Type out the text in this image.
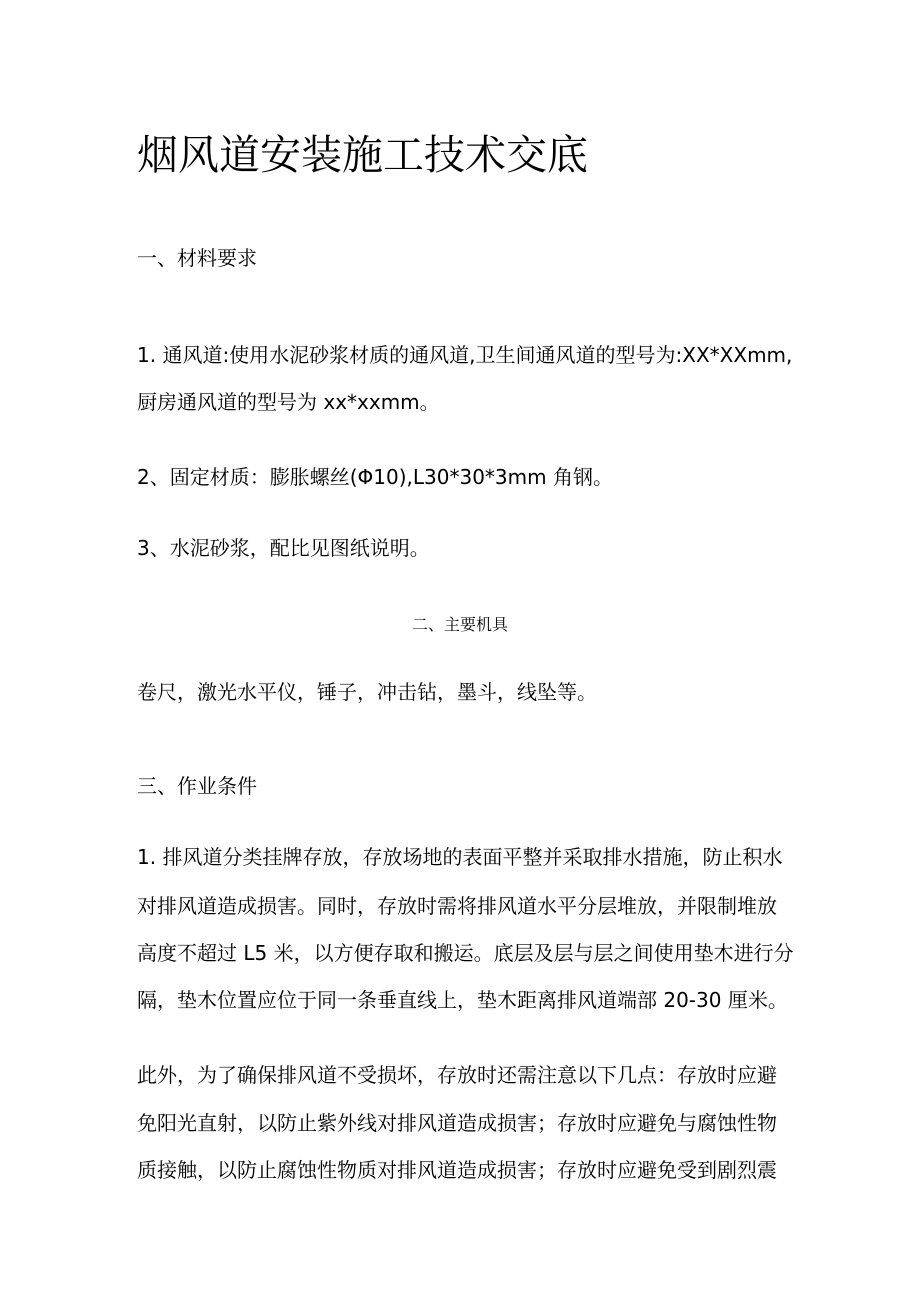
烟风道安装施工技术交底
一、材料要求
1. 通风道:使用水泥砂浆材质的通风道,卫生间通风道的型号为:XX*XXmm,
厨房通风道的型号为 xx*xxmm。
2、固定材质：膨胀螺丝(Φ10),L30*30*3mm 角钢。
3、水泥砂浆，配比见图纸说明。
二、主要机具
卷尺，激光水平仪，锤子，冲击钻，墨斗，线坠等。
三、作业条件
1. 排风道分类挂牌存放，存放场地的表面平整并采取排水措施，防止积水
对排风道造成损害。同时，存放时需将排风道水平分层堆放，并限制堆放
高度不超过 L5 米，以方便存取和搬运。底层及层与层之间使用垫木进行分
隔，垫木位置应位于同一条垂直线上，垫木距离排风道端部 20-30 厘米。
此外，为了确保排风道不受损坏，存放时还需注意以下几点：存放时应避
免阳光直射，以防止紫外线对排风道造成损害；存放时应避免与腐蚀性物
质接触，以防止腐蚀性物质对排风道造成损害；存放时应避免受到剧烈震
